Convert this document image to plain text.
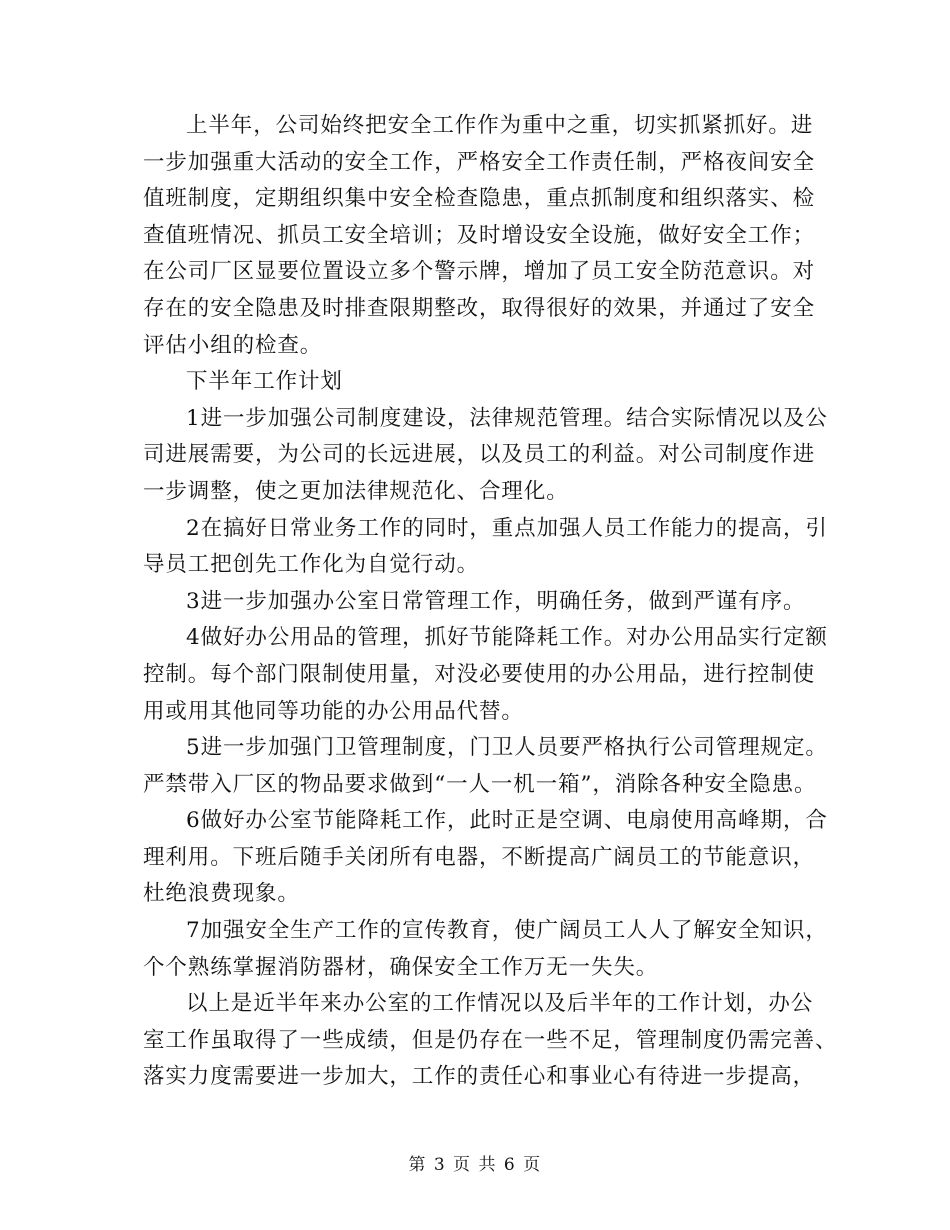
上半年，公司始终把安全工作作为重中之重，切实抓紧抓好。进
一步加强重大活动的安全工作，严格安全工作责任制，严格夜间安全
值班制度，定期组织集中安全检查隐患，重点抓制度和组织落实、检
查值班情况、抓员工安全培训；及时增设安全设施，做好安全工作；
在公司厂区显要位置设立多个警示牌，增加了员工安全防范意识。对
存在的安全隐患及时排查限期整改，取得很好的效果，并通过了安全
评估小组的检查。
下半年工作计划
1进一步加强公司制度建设，法律规范管理。结合实际情况以及公
司进展需要，为公司的长远进展，以及员工的利益。对公司制度作进
一步调整，使之更加法律规范化、合理化。
2在搞好日常业务工作的同时，重点加强人员工作能力的提高，引
导员工把创先工作化为自觉行动。
3进一步加强办公室日常管理工作，明确任务，做到严谨有序。
4做好办公用品的管理，抓好节能降耗工作。对办公用品实行定额
控制。每个部门限制使用量，对没必要使用的办公用品，进行控制使
用或用其他同等功能的办公用品代替。
5进一步加强门卫管理制度，门卫人员要严格执行公司管理规定。
严禁带入厂区的物品要求做到“一人一机一箱”，消除各种安全隐患。
6做好办公室节能降耗工作，此时正是空调、电扇使用高峰期，合
理利用。下班后随手关闭所有电器，不断提高广阔员工的节能意识，
杜绝浪费现象。
7加强安全生产工作的宣传教育，使广阔员工人人了解安全知识，
个个熟练掌握消防器材，确保安全工作万无一失失。
以上是近半年来办公室的工作情况以及后半年的工作计划，办公
室工作虽取得了一些成绩，但是仍存在一些不足，管理制度仍需完善、
落实力度需要进一步加大，工作的责任心和事业心有待进一步提高，
第 3 页 共 6 页
